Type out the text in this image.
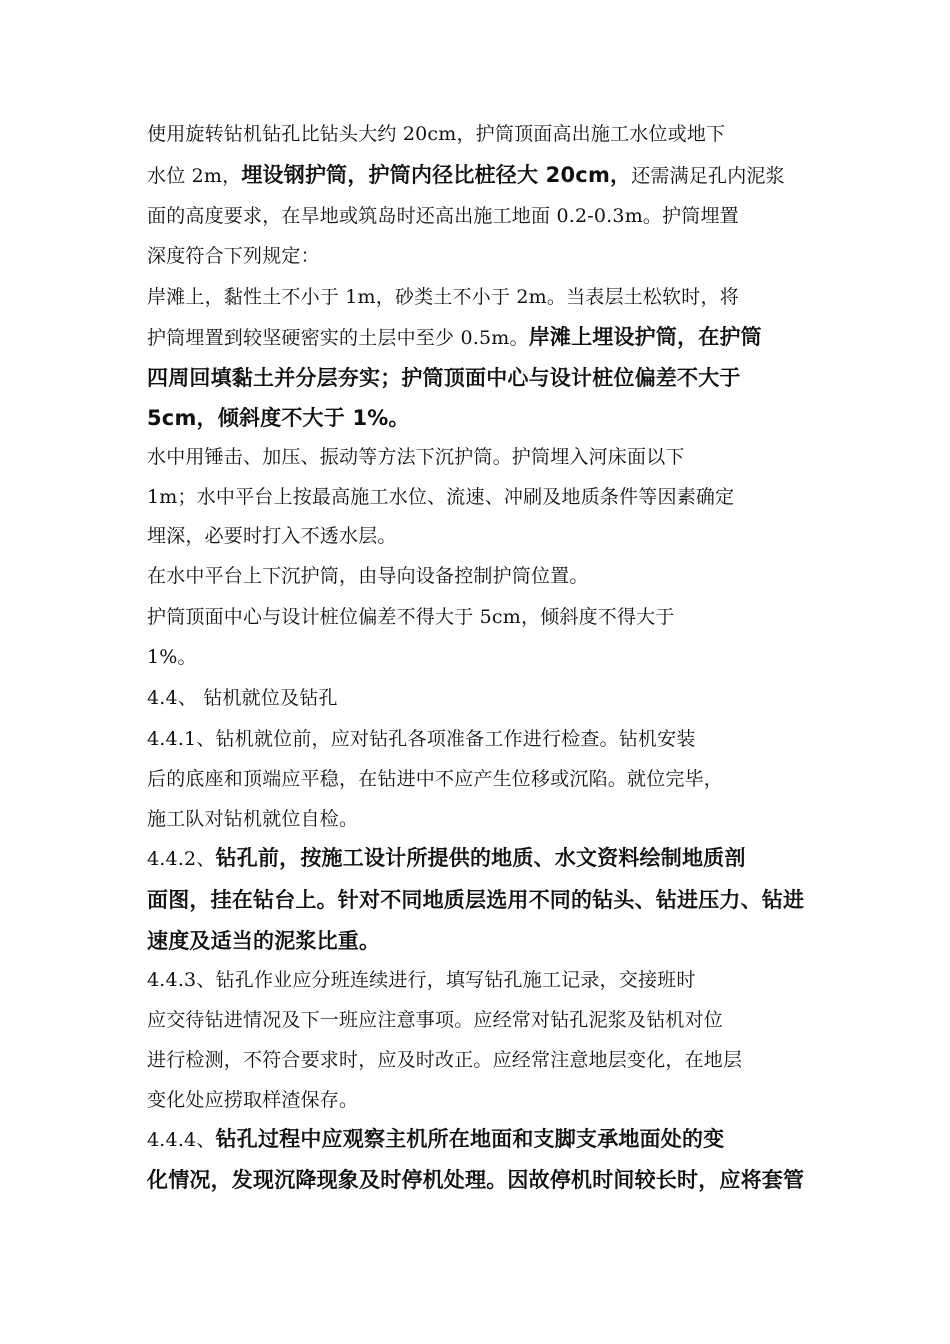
使用旋转钻机钻孔比钻头大约 20cm，护筒顶面高出施工水位或地下
水位 2m，埋设钢护筒，护筒内径比桩径大 20cm，还需满足孔内泥浆
面的高度要求，在旱地或筑岛时还高出施工地面 0.2-0.3m。护筒埋置
深度符合下列规定：
岸滩上，黏性土不小于 1m，砂类土不小于 2m。当表层土松软时，将
护筒埋置到较坚硬密实的土层中至少 0.5m。岸滩上埋设护筒，在护筒
四周回填黏土并分层夯实；护筒顶面中心与设计桩位偏差不大于
5cm，倾斜度不大于 1%。
水中用锤击、加压、振动等方法下沉护筒。护筒埋入河床面以下
1m；水中平台上按最高施工水位、流速、冲刷及地质条件等因素确定
埋深，必要时打入不透水层。
在水中平台上下沉护筒，由导向设备控制护筒位置。
护筒顶面中心与设计桩位偏差不得大于 5cm，倾斜度不得大于
1%。
4.4、 钻机就位及钻孔
4.4.1、钻机就位前，应对钻孔各项准备工作进行检查。钻机安装
后的底座和顶端应平稳，在钻进中不应产生位移或沉陷。就位完毕，
施工队对钻机就位自检。
4.4.2、钻孔前，按施工设计所提供的地质、水文资料绘制地质剖
面图，挂在钻台上。针对不同地质层选用不同的钻头、钻进压力、钻进
速度及适当的泥浆比重。
4.4.3、钻孔作业应分班连续进行，填写钻孔施工记录，交接班时
应交待钻进情况及下一班应注意事项。应经常对钻孔泥浆及钻机对位
进行检测，不符合要求时，应及时改正。应经常注意地层变化，在地层
变化处应捞取样渣保存。
4.4.4、钻孔过程中应观察主机所在地面和支脚支承地面处的变
化情况，发现沉降现象及时停机处理。因故停机时间较长时，应将套管
